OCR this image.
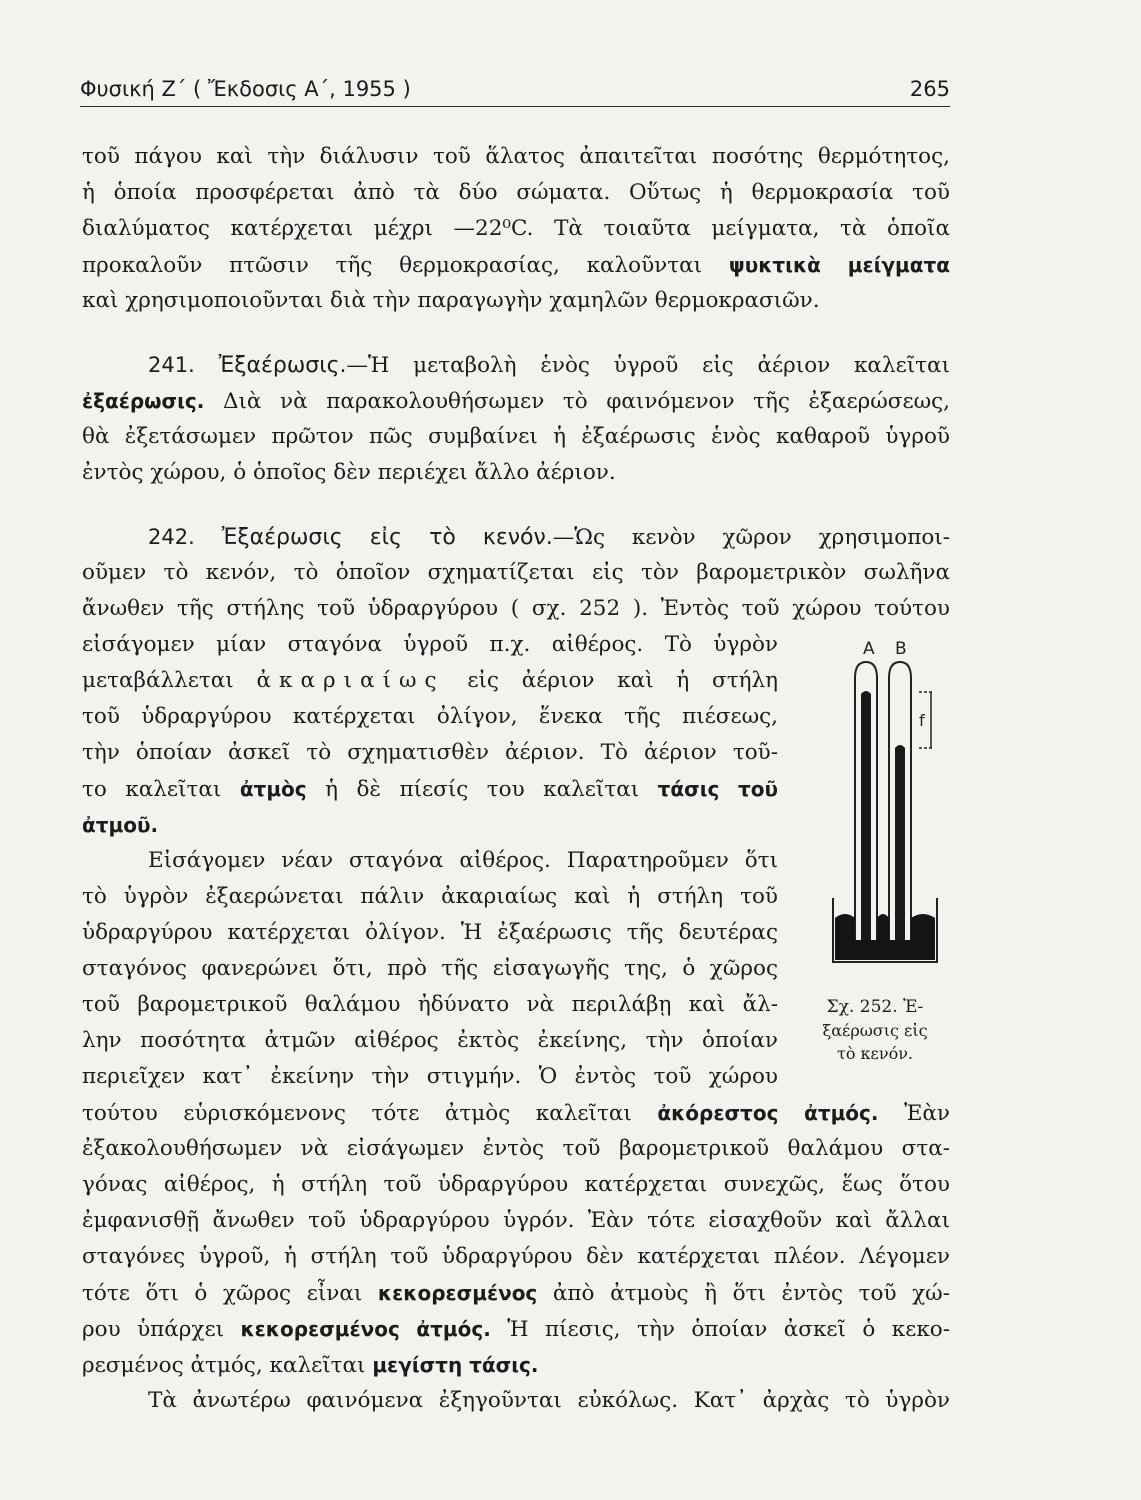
Φυσική Ζ΄ ( Ἔκδοσις Α΄, 1955 )	265
τοῦ πάγου καὶ τὴν διάλυσιν τοῦ ἅλατος ἀπαιτεῖται ποσότης θερμότητος,
ἡ ὁποία προσφέρεται ἀπὸ τὰ δύο σώματα. Οὕτως ἡ θερμοκρασία τοῦ
διαλύματος κατέρχεται μέχρι —22⁰C. Τὰ τοιαῦτα μείγματα, τὰ ὁποῖα
προκαλοῦν πτῶσιν τῆς θερμοκρασίας, καλοῦνται ψυκτικὰ μείγματα
καὶ χρησιμοποιοῦνται διὰ τὴν παραγωγὴν χαμηλῶν θερμοκρασιῶν.
241. Ἐξαέρωσις.—Ἡ μεταβολὴ ἑνὸς ὑγροῦ εἰς ἀέριον καλεῖται
ἐξαέρωσις. Διὰ νὰ παρακολουθήσωμεν τὸ φαινόμενον τῆς ἐξαερώσεως,
θὰ ἐξετάσωμεν πρῶτον πῶς συμβαίνει ἡ ἐξαέρωσις ἑνὸς καθαροῦ ὑγροῦ
ἐντὸς χώρου, ὁ ὁποῖος δὲν περιέχει ἄλλο ἀέριον.
242. Ἐξαέρωσις εἰς τὸ κενόν.—Ὡς κενὸν χῶρον χρησιμοποι-
οῦμεν τὸ κενόν, τὸ ὁποῖον σχηματίζεται εἰς τὸν βαρομετρικὸν σωλῆνα
ἄνωθεν τῆς στήλης τοῦ ὑδραργύρου ( σχ. 252 ). Ἐντὸς τοῦ χώρου τούτου
εἰσάγομεν μίαν σταγόνα ὑγροῦ π.χ. αἰθέρος. Τὸ ὑγρὸν
μεταβάλλεται ἀκαριαίως εἰς ἀέριον καὶ ἡ στήλη
τοῦ ὑδραργύρου κατέρχεται ὀλίγον, ἕνεκα τῆς πιέσεως,
τὴν ὁποίαν ἀσκεῖ τὸ σχηματισθὲν ἀέριον. Τὸ ἀέριον τοῦ-
το καλεῖται ἀτμὸς ἡ δὲ πίεσίς του καλεῖται τάσις τοῦ
ἀτμοῦ.
Εἰσάγομεν νέαν σταγόνα αἰθέρος. Παρατηροῦμεν ὅτι
τὸ ὑγρὸν ἐξαερώνεται πάλιν ἀκαριαίως καὶ ἡ στήλη τοῦ
ὑδραργύρου κατέρχεται ὀλίγον. Ἡ ἐξαέρωσις τῆς δευτέρας
σταγόνος φανερώνει ὅτι, πρὸ τῆς εἰσαγωγῆς της, ὁ χῶρος
τοῦ βαρομετρικοῦ θαλάμου ἠδύνατο νὰ περιλάβῃ καὶ ἄλ-
λην ποσότητα ἀτμῶν αἰθέρος ἐκτὸς ἐκείνης, τὴν ὁποίαν
περιεῖχεν κατ᾿ ἐκείνην τὴν στιγμήν. Ὁ ἐντὸς τοῦ χώρου
τούτου εὑρισκόμενονς τότε ἀτμὸς καλεῖται ἀκόρεστος ἀτμός. Ἐὰν
ἐξακολουθήσωμεν νὰ εἰσάγωμεν ἐντὸς τοῦ βαρομετρικοῦ θαλάμου στα-
γόνας αἰθέρος, ἡ στήλη τοῦ ὑδραργύρου κατέρχεται συνεχῶς, ἕως ὅτου
ἐμφανισθῇ ἄνωθεν τοῦ ὑδραργύρου ὑγρόν. Ἐὰν τότε εἰσαχθοῦν καὶ ἄλλαι
σταγόνες ὑγροῦ, ἡ στήλη τοῦ ὑδραργύρου δὲν κατέρχεται πλέον. Λέγομεν
τότε ὅτι ὁ χῶρος εἶναι κεκορεσμένος ἀπὸ ἀτμοὺς ἢ ὅτι ἐντὸς τοῦ χώ-
ρου ὑπάρχει κεκορεσμένος ἀτμός. Ἡ πίεσις, τὴν ὁποίαν ἀσκεῖ ὁ κεκο-
ρεσμένος ἀτμός, καλεῖται μεγίστη τάσις.
Τὰ ἀνωτέρω φαινόμενα ἐξηγοῦνται εὐκόλως. Κατ᾿ ἀρχὰς τὸ ὑγρὸν
A B
f
Σχ. 252. Ἐ-
ξαέρωσις εἰς
τὸ κενόν.
